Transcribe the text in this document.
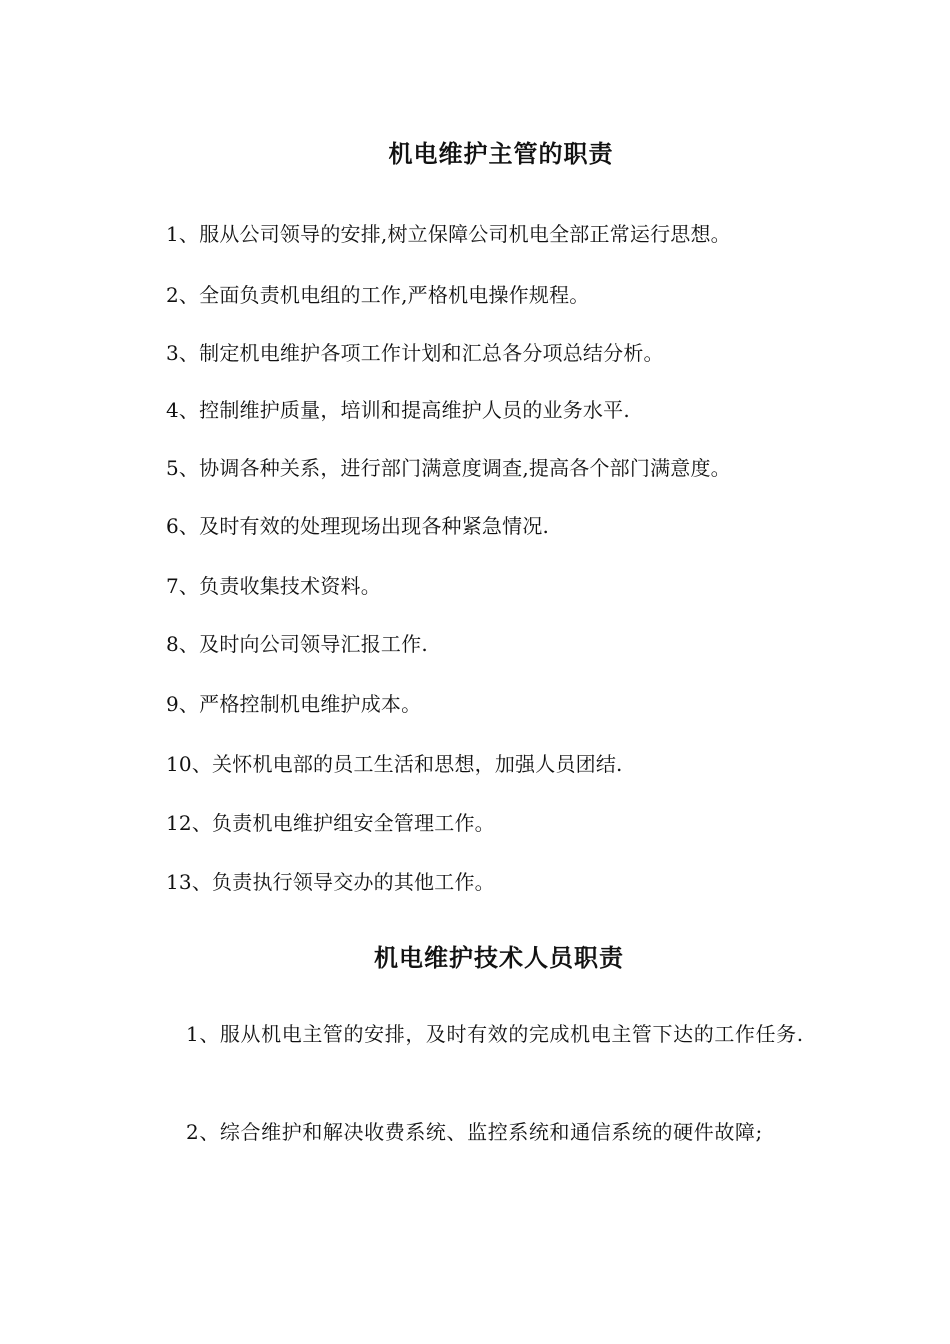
机电维护主管的职责
1、服从公司领导的安排,树立保障公司机电全部正常运行思想。
2、全面负责机电组的工作,严格机电操作规程。
3、制定机电维护各项工作计划和汇总各分项总结分析。
4、控制维护质量，培训和提高维护人员的业务水平.
5、协调各种关系，进行部门满意度调查,提高各个部门满意度。
6、及时有效的处理现场出现各种紧急情况.
7、负责收集技术资料。
8、及时向公司领导汇报工作.
9、严格控制机电维护成本。
10、关怀机电部的员工生活和思想，加强人员团结.
12、负责机电维护组安全管理工作。
13、负责执行领导交办的其他工作。
机电维护技术人员职责
1、服从机电主管的安排，及时有效的完成机电主管下达的工作任务.
2、综合维护和解决收费系统、监控系统和通信系统的硬件故障;
